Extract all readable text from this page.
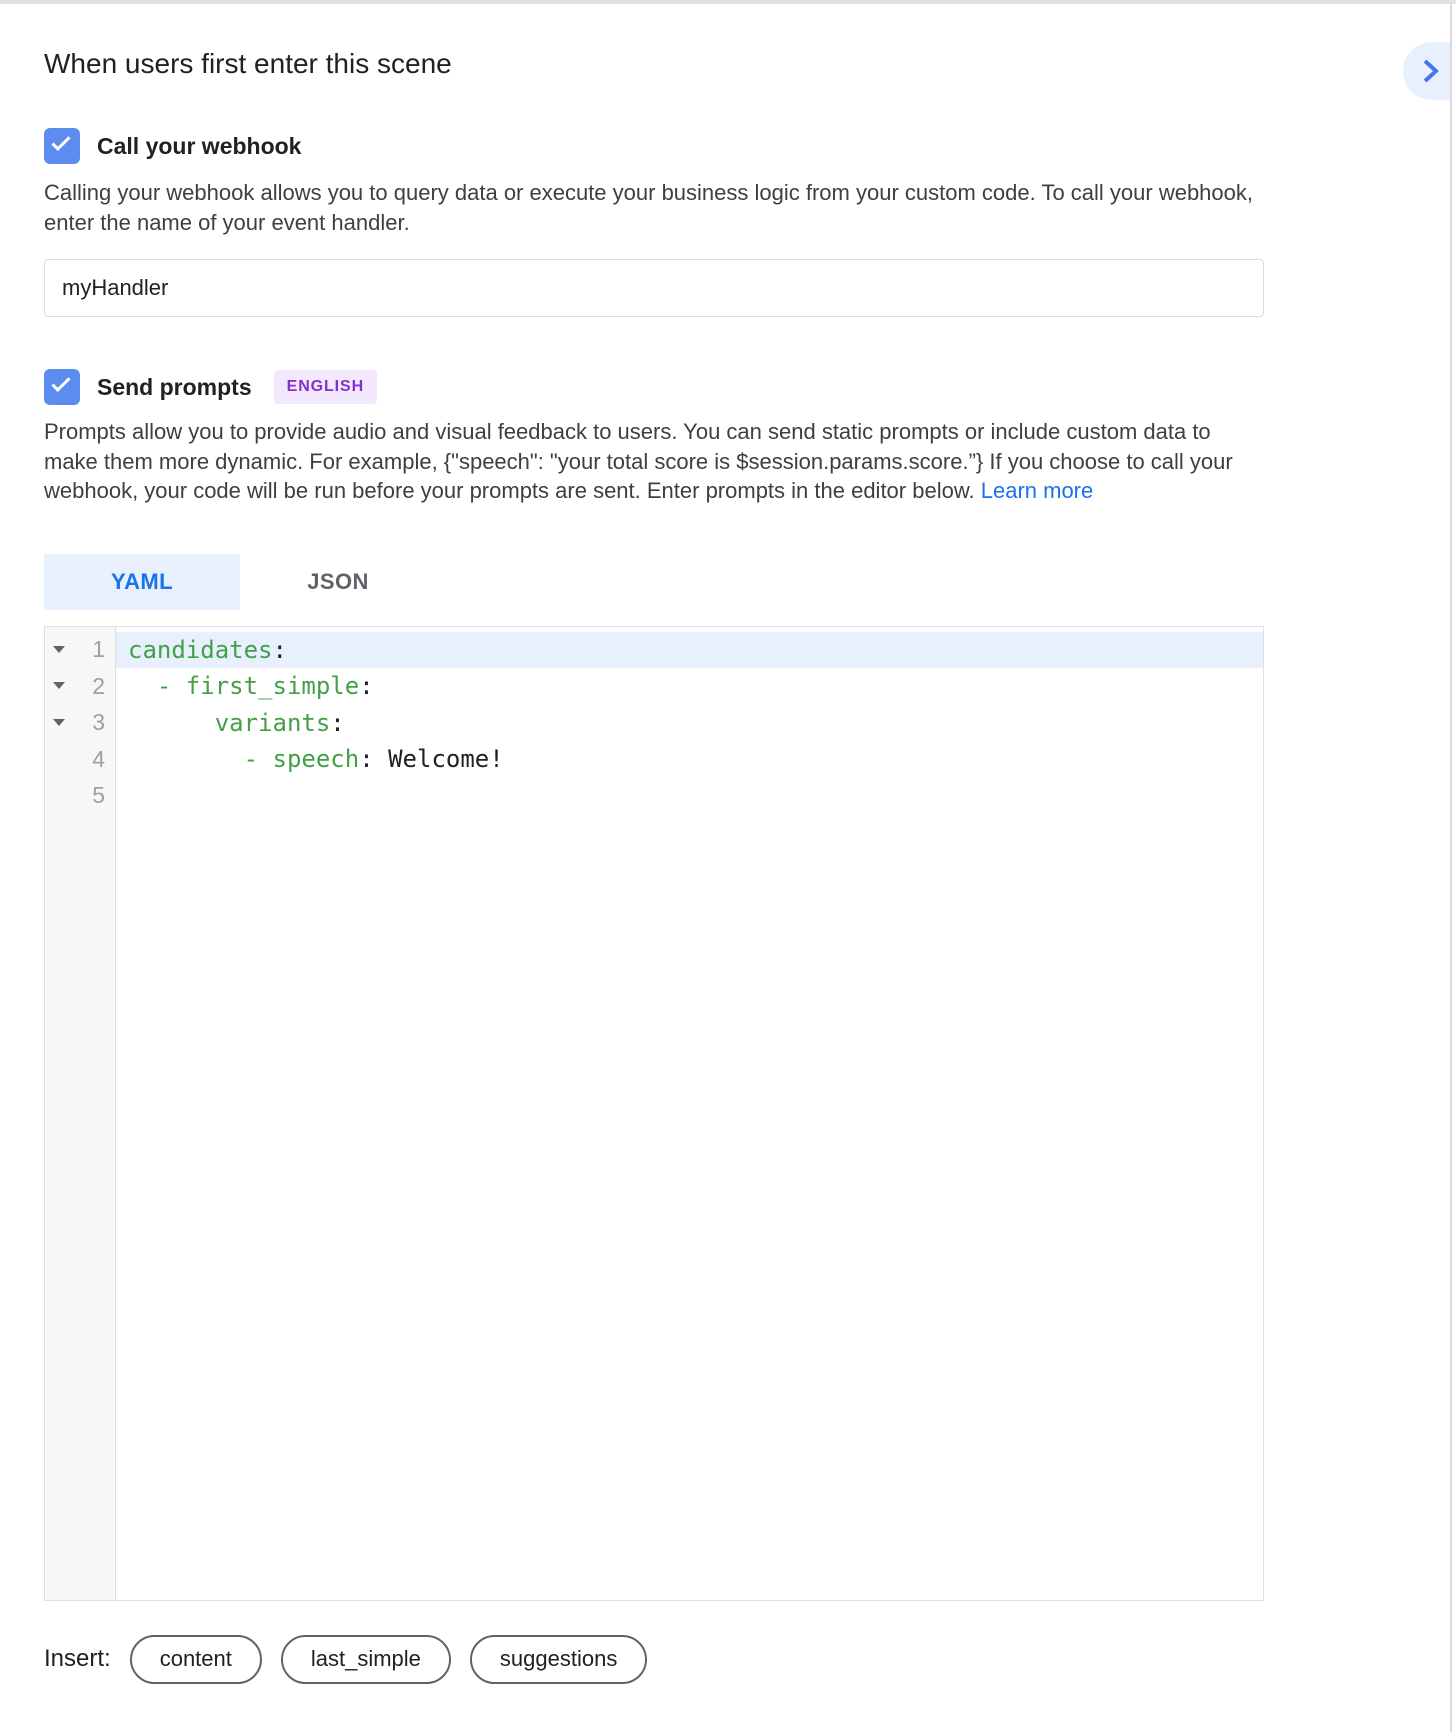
When users first enter this scene
Call your webhook

Calling your webhook allows you to query data or execute your business logic from your custom code. To call your webhook, enter the name of your event handler.

myHandler
Send prompts	ENGLISH

Prompts allow you to provide audio and visual feedback to users. You can send static prompts or include custom data to make them more dynamic. For example, {"speech": "your total score is $session.params.score.”} If you choose to call your webhook, your code will be run before your prompts are sent. Enter prompts in the editor below. Learn more

YAML	JSON
1
2
3
4
5
candidates:
- first_simple:
variants:
- speech: Welcome!
Insert:	content	last_simple	suggestions
